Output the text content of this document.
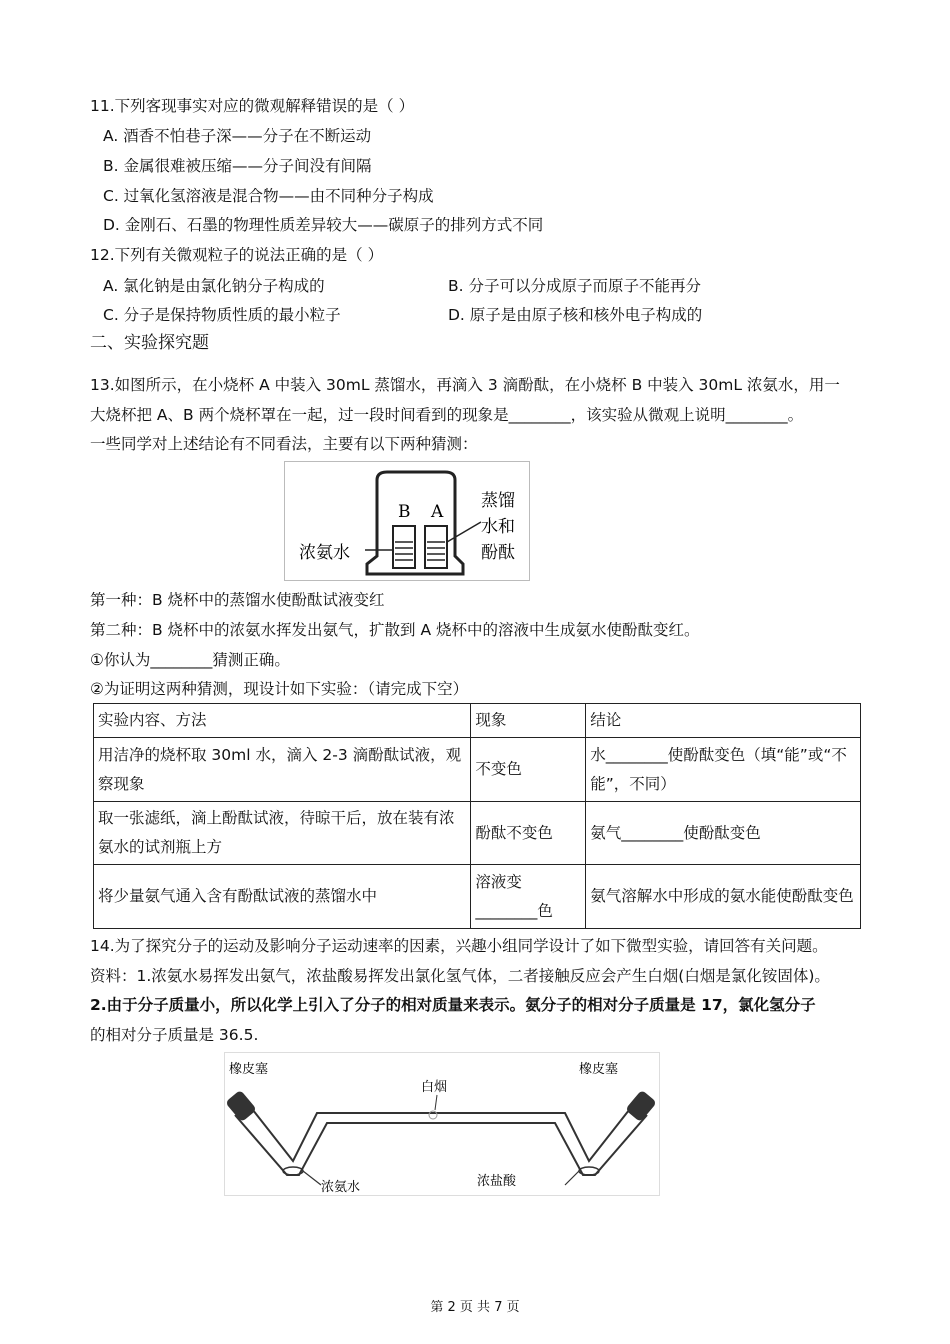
11.下列客现事实对应的微观解释错误的是（ ）
A. 酒香不怕巷子深——分子在不断运动
B. 金属很难被压缩——分子间没有间隔
C. 过氧化氢溶液是混合物——由不同种分子构成
D. 金刚石、石墨的物理性质差异较大——碳原子的排列方式不同
12.下列有关微观粒子的说法正确的是（ ）
A. 氯化钠是由氯化钠分子构成的	B. 分子可以分成原子而原子不能再分
C. 分子是保持物质性质的最小粒子	D. 原子是由原子核和核外电子构成的
二、实验探究题
13.如图所示，在小烧杯 A 中装入 30mL 蒸馏水，再滴入 3 滴酚酞，在小烧杯 B 中装入 30mL 浓氨水，用一
大烧杯把 A、B 两个烧杯罩在一起，过一段时间看到的现象是________，该实验从微观上说明________。
一些同学对上述结论有不同看法，主要有以下两种猜测：
B A
浓氨水
蒸馏
水和
酚酞
第一种：B 烧杯中的蒸馏水使酚酞试液变红
第二种：B 烧杯中的浓氨水挥发出氨气，扩散到 A 烧杯中的溶液中生成氨水使酚酞变红。
①你认为________猜测正确。
②为证明这两种猜测，现设计如下实验：（请完成下空）
实验内容、方法	现象	结论
用洁净的烧杯取 30ml 水，滴入 2-3 滴酚酞试液，观察现象	不变色	水________使酚酞变色（填“能”或“不能”，不同）
取一张滤纸，滴上酚酞试液，待晾干后，放在装有浓氨水的试剂瓶上方	酚酞不变色	氨气________使酚酞变色
将少量氨气通入含有酚酞试液的蒸馏水中	溶液变________色	氨气溶解水中形成的氨水能使酚酞变色
14.为了探究分子的运动及影响分子运动速率的因素，兴趣小组同学设计了如下微型实验，请回答有关问题。
资料：1.浓氨水易挥发出氨气，浓盐酸易挥发出氯化氢气体，二者接触反应会产生白烟(白烟是氯化铵固体)。
2.由于分子质量小，所以化学上引入了分子的相对质量来表示。氨分子的相对分子质量是 17，氯化氢分子
的相对分子质量是 36.5.
橡皮塞	橡皮塞
白烟
浓氨水	浓盐酸
第 2 页 共 7 页
